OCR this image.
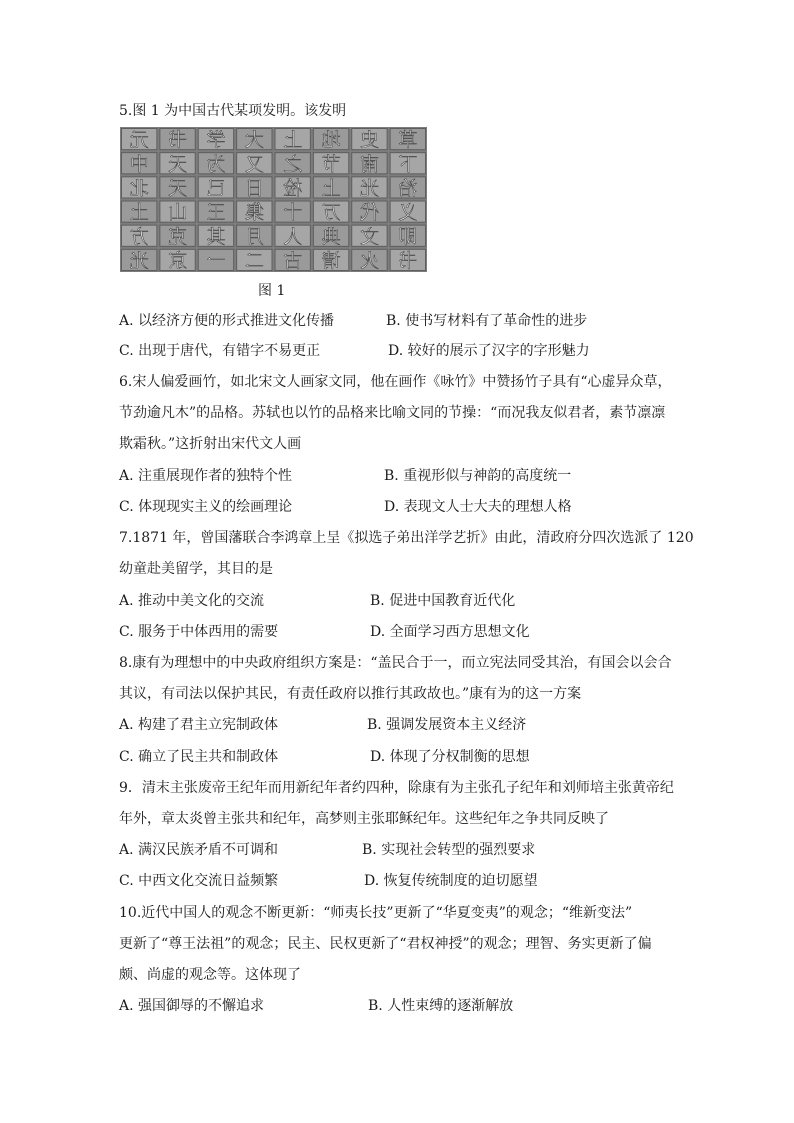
5.图 1 为中国古代某项发明。该发明
元 书 学 大 上 地 史 草
中 天 为 又 之 节 南 下
北 天 已 日 检 上 光 治
土 山 王 集 十 万 代 义
方 克 其 月 人 典 文 即
光 京 一 二 古 请 火 书
图 1
A. 以经济方便的形式推进文化传播	B. 使书写材料有了革命性的进步
C. 出现于唐代，有错字不易更正	D. 较好的展示了汉字的字形魅力
6.宋人偏爱画竹，如北宋文人画家文同，他在画作《咏竹》中赞扬竹子具有“心虚异众草，
节劲逾凡木”的品格。苏轼也以竹的品格来比喻文同的节操：“而况我友似君者，素节凛凛
欺霜秋。”这折射出宋代文人画
A. 注重展现作者的独特个性	B. 重视形似与神韵的高度统一
C. 体现现实主义的绘画理论	D. 表现文人士大夫的理想人格
7.1871 年，曾国藩联合李鸿章上呈《拟选子弟出洋学艺折》由此，清政府分四次选派了 120
幼童赴美留学，其目的是
A. 推动中美文化的交流	B. 促进中国教育近代化
C. 服务于中体西用的需要	D. 全面学习西方思想文化
8.康有为理想中的中央政府组织方案是：“盖民合于一，而立宪法同受其治，有国会以会合
其议，有司法以保护其民，有责任政府以推行其政故也。”康有为的这一方案
A. 构建了君主立宪制政体	B. 强调发展资本主义经济
C. 确立了民主共和制政体	D. 体现了分权制衡的思想
9．清末主张废帝王纪年而用新纪年者约四种，除康有为主张孔子纪年和刘师培主张黄帝纪
年外，章太炎曾主张共和纪年，高梦则主张耶稣纪年。这些纪年之争共同反映了
A. 满汉民族矛盾不可调和	B. 实现社会转型的强烈要求
C. 中西文化交流日益频繁	D. 恢复传统制度的迫切愿望
10.近代中国人的观念不断更新：“师夷长技”更新了“华夏变夷”的观念；“维新变法”
更新了“尊王法祖”的观念；民主、民权更新了“君权神授”的观念；理智、务实更新了偏
颇、尚虚的观念等。这体现了
A. 强国御辱的不懈追求	B. 人性束缚的逐渐解放
